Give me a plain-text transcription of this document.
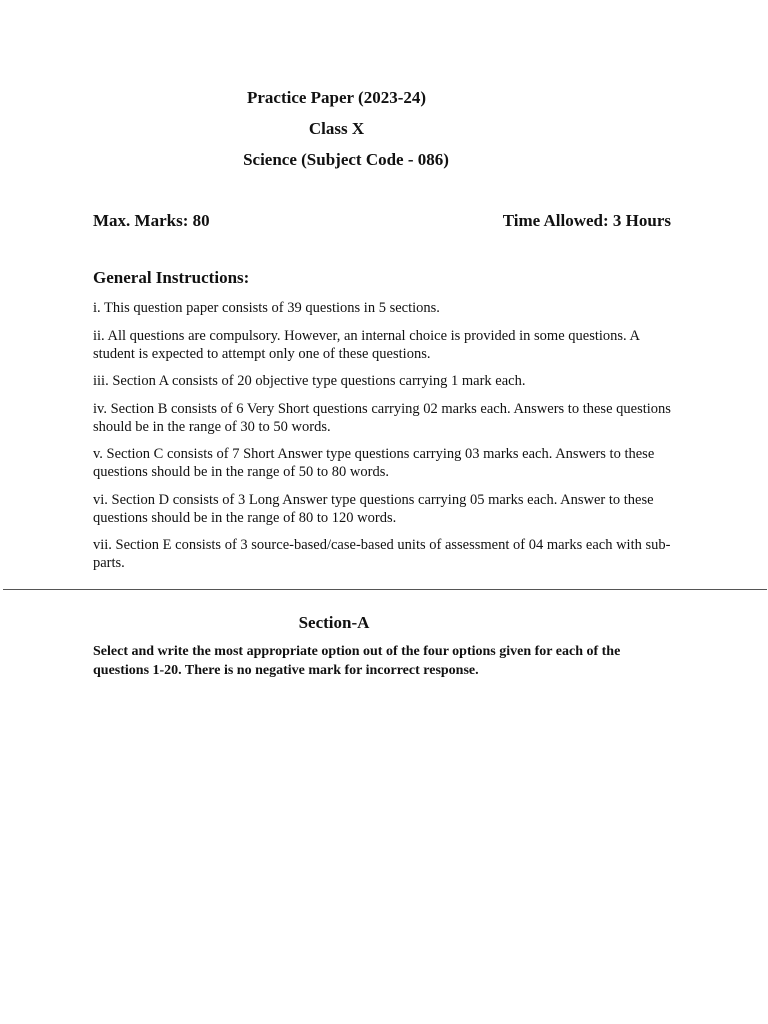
Practice Paper (2023-24)
Class X
Science (Subject Code - 086)
Max. Marks: 80	Time Allowed: 3 Hours
General Instructions:
i. This question paper consists of 39 questions in 5 sections.
ii. All questions are compulsory. However, an internal choice is provided in some questions. A student is expected to attempt only one of these questions.
iii. Section A consists of 20 objective type questions carrying 1 mark each.
iv. Section B consists of 6 Very Short questions carrying 02 marks each. Answers to these questions should be in the range of 30 to 50 words.
v. Section C consists of 7 Short Answer type questions carrying 03 marks each. Answers to these questions should be in the range of 50 to 80 words.
vi. Section D consists of 3 Long Answer type questions carrying 05 marks each. Answer to these questions should be in the range of 80 to 120 words.
vii. Section E consists of 3 source-based/case-based units of assessment of 04 marks each with sub-parts.
Section-A
Select and write the most appropriate option out of the four options given for each of the questions 1-20. There is no negative mark for incorrect response.
